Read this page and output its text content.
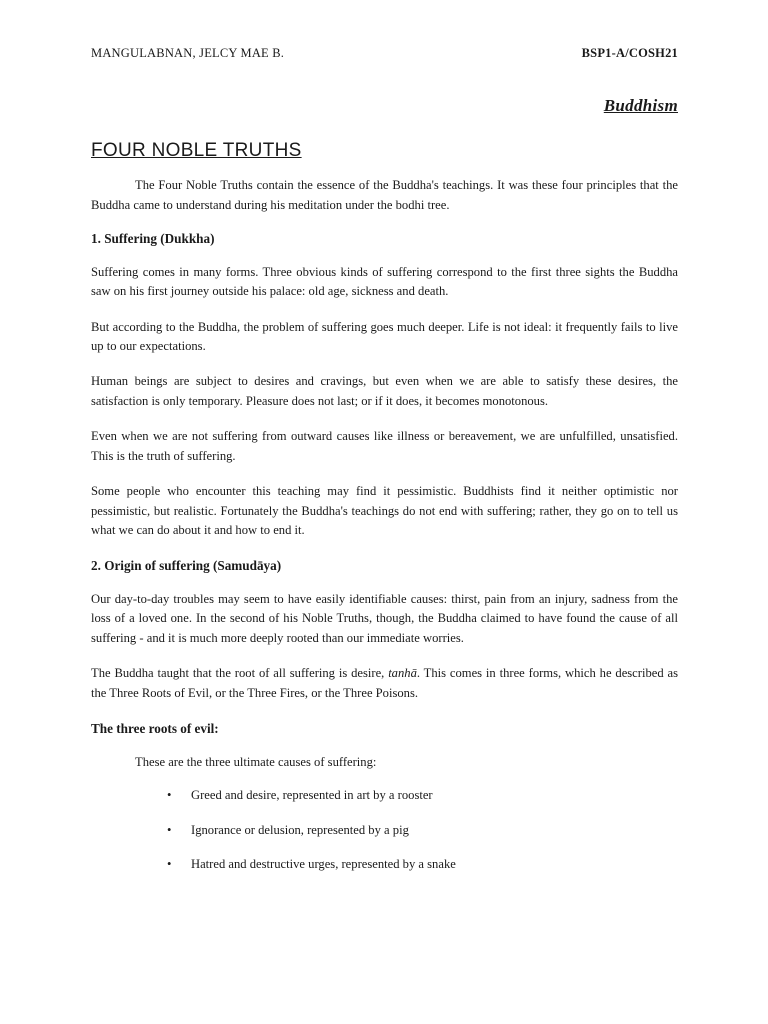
MANGULABNAN, JELCY MAE B.	BSP1-A/COSH21
Buddhism
FOUR NOBLE TRUTHS

The Four Noble Truths contain the essence of the Buddha's teachings. It was these four principles that the Buddha came to understand during his meditation under the bodhi tree.

1. Suffering (Dukkha)

Suffering comes in many forms. Three obvious kinds of suffering correspond to the first three sights the Buddha saw on his first journey outside his palace: old age, sickness and death.

But according to the Buddha, the problem of suffering goes much deeper. Life is not ideal: it frequently fails to live up to our expectations.

Human beings are subject to desires and cravings, but even when we are able to satisfy these desires, the satisfaction is only temporary. Pleasure does not last; or if it does, it becomes monotonous.

Even when we are not suffering from outward causes like illness or bereavement, we are unfulfilled, unsatisfied. This is the truth of suffering.

Some people who encounter this teaching may find it pessimistic. Buddhists find it neither optimistic nor pessimistic, but realistic. Fortunately the Buddha's teachings do not end with suffering; rather, they go on to tell us what we can do about it and how to end it.

2. Origin of suffering (Samudāya)

Our day-to-day troubles may seem to have easily identifiable causes: thirst, pain from an injury, sadness from the loss of a loved one. In the second of his Noble Truths, though, the Buddha claimed to have found the cause of all suffering - and it is much more deeply rooted than our immediate worries.

The Buddha taught that the root of all suffering is desire, tanhā. This comes in three forms, which he described as the Three Roots of Evil, or the Three Fires, or the Three Poisons.

The three roots of evil:

These are the three ultimate causes of suffering:

• Greed and desire, represented in art by a rooster
• Ignorance or delusion, represented by a pig
• Hatred and destructive urges, represented by a snake
